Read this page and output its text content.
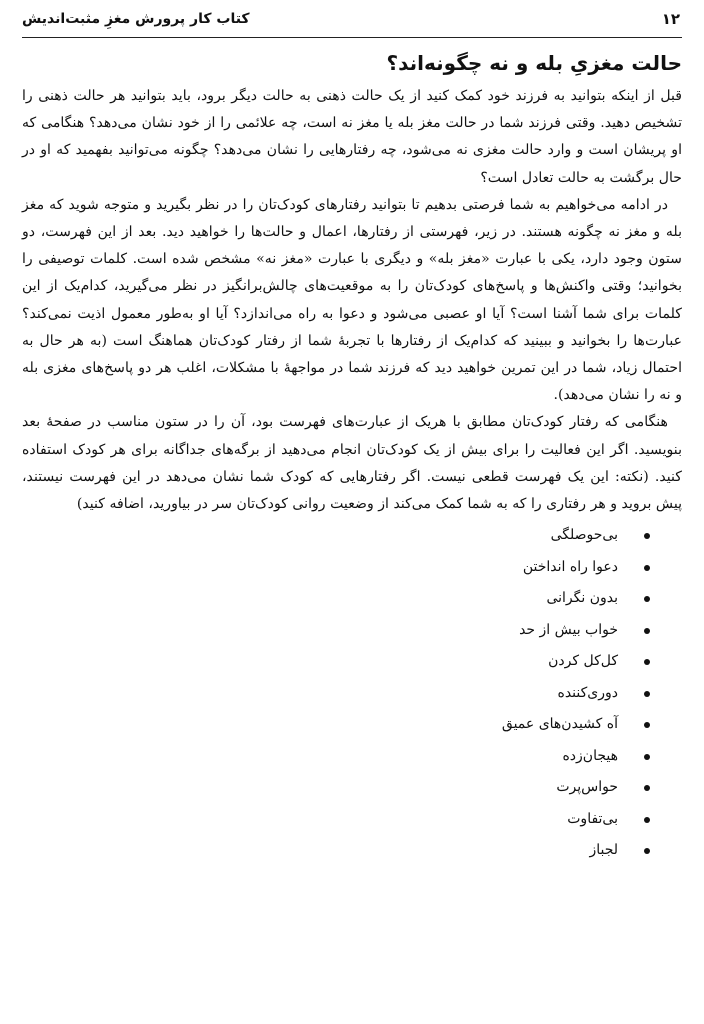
۱۲
کتاب کار پرورش مغزِ مثبت‌اندیش
حالت مغزیِ بله و نه چگونه‌اند؟

قبل از اینکه بتوانید به فرزند خود کمک کنید از یک حالت ذهنی به حالت دیگر برود، باید بتوانید هر حالت ذهنی را تشخیص دهید. وقتی فرزند شما در حالت مغز بله یا مغز نه است، چه علائمی را از خود نشان می‌دهد؟ هنگامی که او پریشان است و وارد حالت مغزی نه می‌شود، چه رفتارهایی را نشان می‌دهد؟ چگونه می‌توانید بفهمید که او در حال برگشت به حالت تعادل است؟

در ادامه می‌خواهیم به شما فرصتی بدهیم تا بتوانید رفتارهای کودک‌تان را در نظر بگیرید و متوجه شوید که مغز بله و مغز نه چگونه هستند. در زیر، فهرستی از رفتارها، اعمال و حالت‌ها را خواهید دید. بعد از این فهرست، دو ستون وجود دارد، یکی با عبارت «مغز بله» و دیگری با عبارت «مغز نه» مشخص شده است. کلمات توصیفی را بخوانید؛ وقتی واکنش‌ها و پاسخ‌های کودک‌تان را به موقعیت‌های چالش‌برانگیز در نظر می‌گیرید، کدام‌یک از این کلمات برای شما آشنا است؟ آیا او عصبی می‌شود و دعوا به راه می‌اندازد؟ آیا او به‌طور معمول اذیت نمی‌کند؟ عبارت‌ها را بخوانید و ببینید که کدام‌یک از رفتارها با تجربهٔ شما از رفتار کودک‌تان هماهنگ است (به هر حال به احتمال زیاد، شما در این تمرین خواهید دید که فرزند شما در مواجههٔ با مشکلات، اغلب هر دو پاسخ‌های مغزی بله و نه را نشان می‌دهد).

هنگامی که رفتار کودک‌تان مطابق با هریک از عبارت‌های فهرست بود، آن را در ستون مناسب در صفحهٔ بعد بنویسید. اگر این فعالیت را برای بیش از یک کودک‌تان انجام می‌دهید از برگه‌های جداگانه برای هر کودک استفاده کنید. (نکته: این یک فهرست قطعی نیست. اگر رفتارهایی که کودک شما نشان می‌دهد در این فهرست نیستند، پیش بروید و هر رفتاری را که به شما کمک می‌کند از وضعیت روانی کودک‌تان سر در بیاورید، اضافه کنید)

بی‌حوصلگی
دعوا راه انداختن
بدون نگرانی
خواب بیش از حد
کل‌کل کردن
دوری‌کننده
آه کشیدن‌های عمیق
هیجان‌زده
حواس‌پرت
بی‌تفاوت
لجباز
